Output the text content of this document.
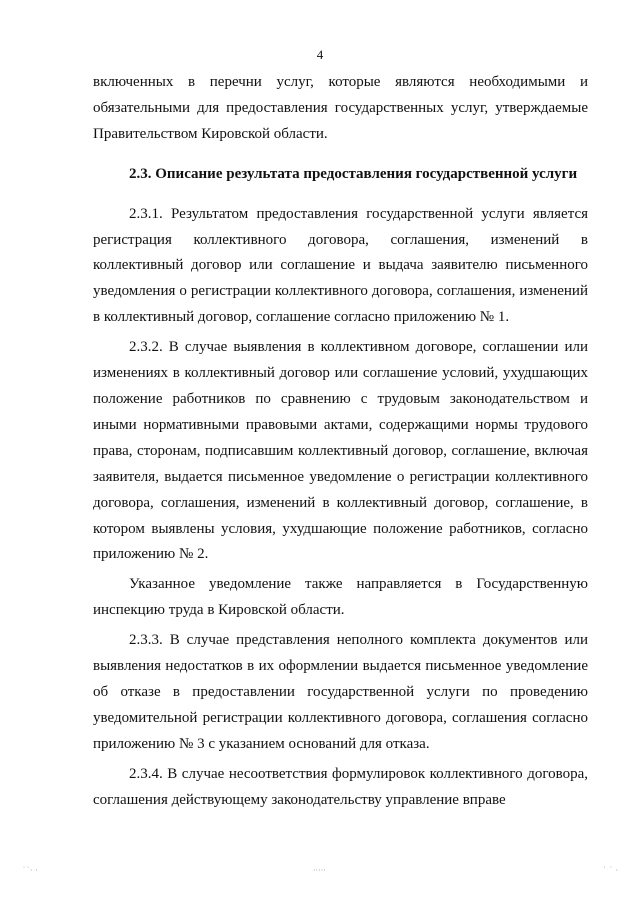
4

включенных в перечни услуг, которые являются необходимыми и обязательными для предоставления государственных услуг, утверждаемые Правительством Кировской области.

2.3. Описание результата предоставления государственной услуги

2.3.1. Результатом предоставления государственной услуги является регистрация коллективного договора, соглашения, изменений в коллективный договор или соглашение и выдача заявителю письменного уведомления о регистрации коллективного договора, соглашения, изменений в коллективный договор, соглашение согласно приложению № 1.

2.3.2. В случае выявления в коллективном договоре, соглашении или изменениях в коллективный договор или соглашение условий, ухудшающих положение работников по сравнению с трудовым законодательством и иными нормативными правовыми актами, содержащими нормы трудового права, сторонам, подписавшим коллективный договор, соглашение, включая заявителя, выдается письменное уведомление о регистрации коллективного договора, соглашения, изменений в коллективный договор, соглашение, в котором выявлены условия, ухудшающие положение работников, согласно приложению № 2.

Указанное уведомление также направляется в Государственную инспекцию труда в Кировской области.

2.3.3. В случае представления неполного комплекта документов или выявления недостатков в их оформлении выдается письменное уведомление об отказе в предоставлении государственной услуги по проведению уведомительной регистрации коллективного договора, соглашения согласно приложению № 3 с указанием оснований для отказа.

2.3.4. В случае несоответствия формулировок коллективного договора, соглашения действующему законодательству управление вправе

˙˙· ·	·····	˙ ˙ ·
